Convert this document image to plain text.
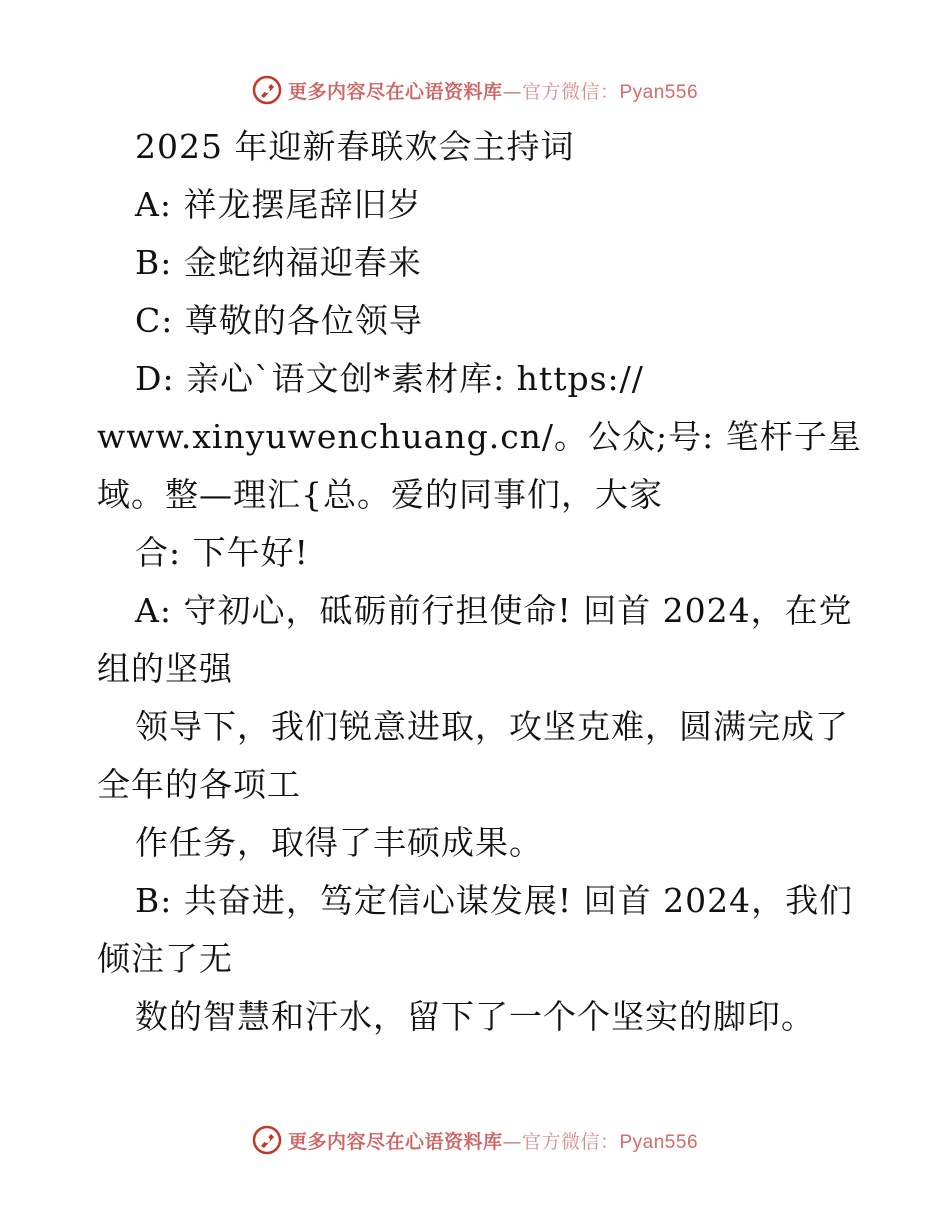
更多内容尽在心语资料库—官方微信：Pyan556
2025 年迎新春联欢会主持词
A: 祥龙摆尾辞旧岁
B: 金蛇纳福迎春来
C: 尊敬的各位领导
D: 亲心`语文创*素材库: https://
www.xinyuwenchuang.cn/。公众;号: 笔杆子星
域。整—理汇{总。爱的同事们，大家
合: 下午好!
A: 守初心，砥砺前行担使命! 回首 2024，在党
组的坚强
领导下，我们锐意进取，攻坚克难，圆满完成了
全年的各项工
作任务，取得了丰硕成果。
B: 共奋进，笃定信心谋发展! 回首 2024，我们
倾注了无
数的智慧和汗水，留下了一个个坚实的脚印。
更多内容尽在心语资料库—官方微信：Pyan556
